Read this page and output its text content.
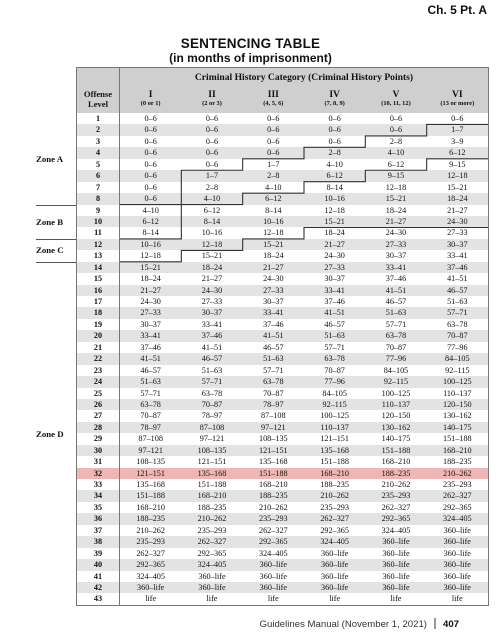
Ch. 5 Pt. A
SENTENCING TABLE
(in months of imprisonment)
Offense
Level
Criminal History Category (Criminal History Points)
I
(0 or 1)
II
(2 or 3)
III
(4, 5, 6)
IV
(7, 8, 9)
V
(10, 11, 12)
VI
(13 or more)
1	0–6	0–6	0–6	0–6	0–6	0–6
2	0–6	0–6	0–6	0–6	0–6	1–7
3	0–6	0–6	0–6	0–6	2–8	3–9
4	0–6	0–6	0–6	2–8	4–10	6–12
5	0–6	0–6	1–7	4–10	6–12	9–15
6	0–6	1–7	2–8	6–12	9–15	12–18
7	0–6	2–8	4–10	8–14	12–18	15–21
8	0–6	4–10	6–12	10–16	15–21	18–24
9	4–10	6–12	8–14	12–18	18–24	21–27
10	6–12	8–14	10–16	15–21	21–27	24–30
11	8–14	10–16	12–18	18–24	24–30	27–33
12	10–16	12–18	15–21	21–27	27–33	30–37
13	12–18	15–21	18–24	24–30	30–37	33–41
14	15–21	18–24	21–27	27–33	33–41	37–46
15	18–24	21–27	24–30	30–37	37–46	41–51
16	21–27	24–30	27–33	33–41	41–51	46–57
17	24–30	27–33	30–37	37–46	46–57	51–63
18	27–33	30–37	33–41	41–51	51–63	57–71
19	30–37	33–41	37–46	46–57	57–71	63–78
20	33–41	37–46	41–51	51–63	63–78	70–87
21	37–46	41–51	46–57	57–71	70–87	77–96
22	41–51	46–57	51–63	63–78	77–96	84–105
23	46–57	51–63	57–71	70–87	84–105	92–115
24	51–63	57–71	63–78	77–96	92–115	100–125
25	57–71	63–78	70–87	84–105	100–125	110–137
26	63–78	70–87	78–97	92–115	110–137	120–150
27	70–87	78–97	87–108	100–125	120–150	130–162
28	78–97	87–108	97–121	110–137	130–162	140–175
29	87–108	97–121	108–135	121–151	140–175	151–188
30	97–121	108–135	121–151	135–168	151–188	168–210
31	108–135	121–151	135–168	151–188	168–210	188–235
32	121–151	135–168	151–188	168–210	188–235	210–262
33	135–168	151–188	168–210	188–235	210–262	235–293
34	151–188	168–210	188–235	210–262	235–293	262–327
35	168–210	188–235	210–262	235–293	262–327	292–365
36	188–235	210–262	235–293	262–327	292–365	324–405
37	210–262	235–293	262–327	292–365	324–405	360–life
38	235–293	262–327	292–365	324–405	360–life	360–life
39	262–327	292–365	324–405	360–life	360–life	360–life
40	292–365	324–405	360–life	360–life	360–life	360–life
41	324–405	360–life	360–life	360–life	360–life	360–life
42	360–life	360–life	360–life	360–life	360–life	360–life
43	life	life	life	life	life	life
Zone A
Zone B
Zone C
Zone D
Guidelines Manual (November 1, 2021) 407
